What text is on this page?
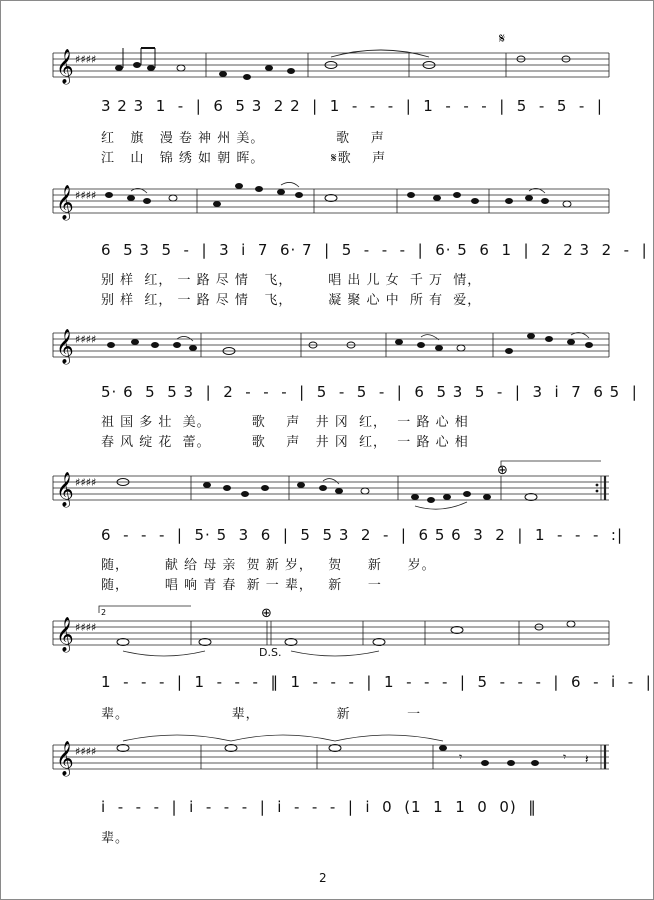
𝄞 ♯♯♯♯
𝄋
3 2 3  1  -  |  6  5 3  2 2  |  1  -  -  -  |  1  -  -  -  |  5  -  5  -  |
红   旗   漫 卷 神 州 美。              歌    声
江   山   锦 绣 如 朝 晖。             𝄋歌    声
𝄞 ♯♯♯♯
6  5 3  5  -  |  3  i  7  6· 7  |  5  -  -  -  |  6· 5  6  1  |  2  2 3  2  -  |
别 样  红， 一 路 尽 情   飞，       唱 出 儿 女  千 万  情，
别 样  红， 一 路 尽 情   飞，       凝 聚 心 中  所 有  爱，
𝄞 ♯♯♯♯
5· 6  5  5 3  |  2  -  -  -  |  5  -  5  -  |  6  5 3  5  -  |  3  i  7  6 5  |
祖 国 多 壮  美。        歌    声   井 冈  红，  一 路 心 相
春 风 绽 花  蕾。        歌    声   井 冈  红，  一 路 心 相
𝄞 ♯♯♯♯
⊕
6  -  -  -  |  5· 5  3  6  |  5  5 3  2  -  |  6 5 6  3  2  |  1  -  -  -  :|
随，       献 给 母 亲  贺 新 岁，   贺     新     岁。
随，       唱 响 青 春  新 一 辈，   新     一
2	⊕
𝄞 ♯♯♯♯
D.S.
1  -  -  -  |  1  -  -  -  ‖  1  -  -  -  |  1  -  -  -  |  5  -  -  -  |  6  -  i  -  |
辈。                    辈，               新           一
𝄞 ♯♯♯♯	𝄾	𝄾 𝄽
i  -  -  -  |  i  -  -  -  |  i  -  -  -  |  i  0  (1  1  1  0  0)  ‖
辈。
2
